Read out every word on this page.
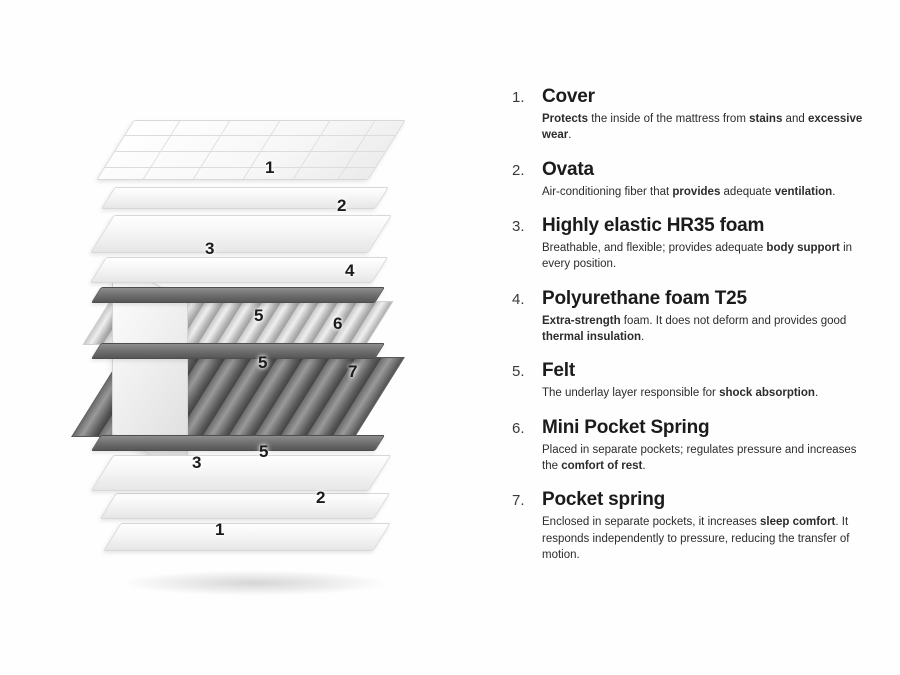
1
2
3
4
5	6
5	7
5
3
2
1
1. Cover
Protects the inside of the mattress from stains and excessive wear.
2. Ovata
Air-conditioning fiber that provides adequate ventilation.
3. Highly elastic HR35 foam
Breathable, and flexible; provides adequate body support in every position.
4. Polyurethane foam T25
Extra-strength foam. It does not deform and provides good thermal insulation.
5. Felt
The underlay layer responsible for shock absorption.
6. Mini Pocket Spring
Placed in separate pockets; regulates pressure and increases the comfort of rest.
7. Pocket spring
Enclosed in separate pockets, it increases sleep comfort. It responds independently to pressure, reducing the transfer of motion.
